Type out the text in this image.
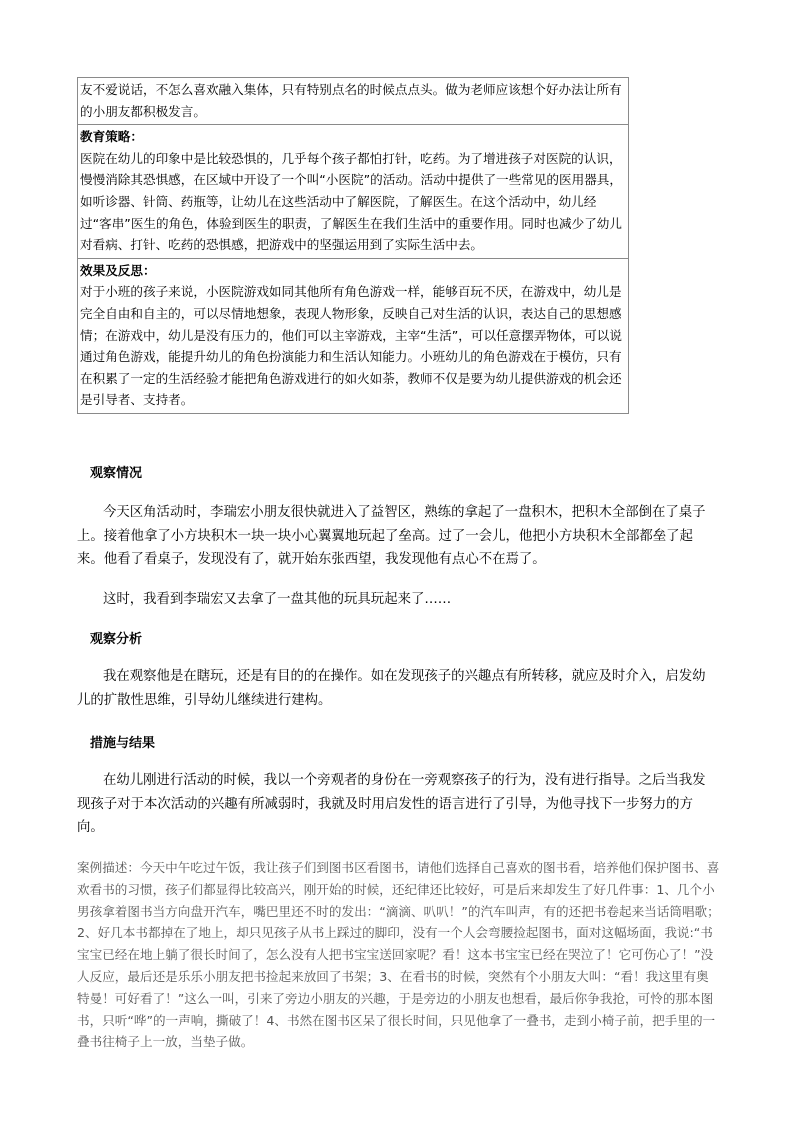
友不爱说话，不怎么喜欢融入集体，只有特别点名的时候点点头。做为老师应该想个好办法让所有的小朋友都积极发言。

教育策略：
医院在幼儿的印象中是比较恐惧的，几乎每个孩子都怕打针，吃药。为了增进孩子对医院的认识，慢慢消除其恐惧感，在区域中开设了一个叫“小医院”的活动。活动中提供了一些常见的医用器具，如听诊器、针筒、药瓶等，让幼儿在这些活动中了解医院，了解医生。在这个活动中，幼儿经过“客串”医生的角色，体验到医生的职责，了解医生在我们生活中的重要作用。同时也减少了幼儿对看病、打针、吃药的恐惧感，把游戏中的坚强运用到了实际生活中去。

效果及反思：
对于小班的孩子来说，小医院游戏如同其他所有角色游戏一样，能够百玩不厌，在游戏中，幼儿是完全自由和自主的，可以尽情地想象，表现人物形象，反映自己对生活的认识，表达自己的思想感情；在游戏中，幼儿是没有压力的，他们可以主宰游戏，主宰“生活”，可以任意摆弄物体，可以说通过角色游戏，能提升幼儿的角色扮演能力和生活认知能力。小班幼儿的角色游戏在于模仿，只有在积累了一定的生活经验才能把角色游戏进行的如火如荼，教师不仅是要为幼儿提供游戏的机会还是引导者、支持者。
观察情况

今天区角活动时，李瑞宏小朋友很快就进入了益智区，熟练的拿起了一盘积木，把积木全部倒在了桌子上。接着他拿了小方块积木一块一块小心翼翼地玩起了垒高。过了一会儿，他把小方块积木全部都垒了起来。他看了看桌子，发现没有了，就开始东张西望，我发现他有点心不在焉了。

这时，我看到李瑞宏又去拿了一盘其他的玩具玩起来了……

观察分析

我在观察他是在瞎玩，还是有目的的在操作。如在发现孩子的兴趣点有所转移，就应及时介入，启发幼儿的扩散性思维，引导幼儿继续进行建构。

措施与结果

在幼儿刚进行活动的时候，我以一个旁观者的身份在一旁观察孩子的行为，没有进行指导。之后当我发现孩子对于本次活动的兴趣有所减弱时，我就及时用启发性的语言进行了引导，为他寻找下一步努力的方向。

案例描述：今天中午吃过午饭，我让孩子们到图书区看图书，请他们选择自己喜欢的图书看，培养他们保护图书、喜欢看书的习惯，孩子们都显得比较高兴，刚开始的时候，还纪律还比较好，可是后来却发生了好几件事：1、几个小男孩拿着图书当方向盘开汽车，嘴巴里还不时的发出：“滴滴、叭叭！”的汽车叫声，有的还把书卷起来当话筒唱歌；2、好几本书都掉在了地上，却只见孩子从书上踩过的脚印，没有一个人会弯腰捡起图书，面对这幅场面，我说:“书宝宝已经在地上躺了很长时间了，怎么没有人把书宝宝送回家呢？看！这本书宝宝已经在哭泣了！它可伤心了！”没人反应，最后还是乐乐小朋友把书捡起来放回了书架；3、在看书的时候，突然有个小朋友大叫：“看！我这里有奥特曼！可好看了！”这么一叫，引来了旁边小朋友的兴趣，于是旁边的小朋友也想看，最后你争我抢，可怜的那本图书，只听“哗”的一声响，撕破了！4、书然在图书区呆了很长时间，只见他拿了一叠书，走到小椅子前，把手里的一叠书往椅子上一放，当垫子做。
